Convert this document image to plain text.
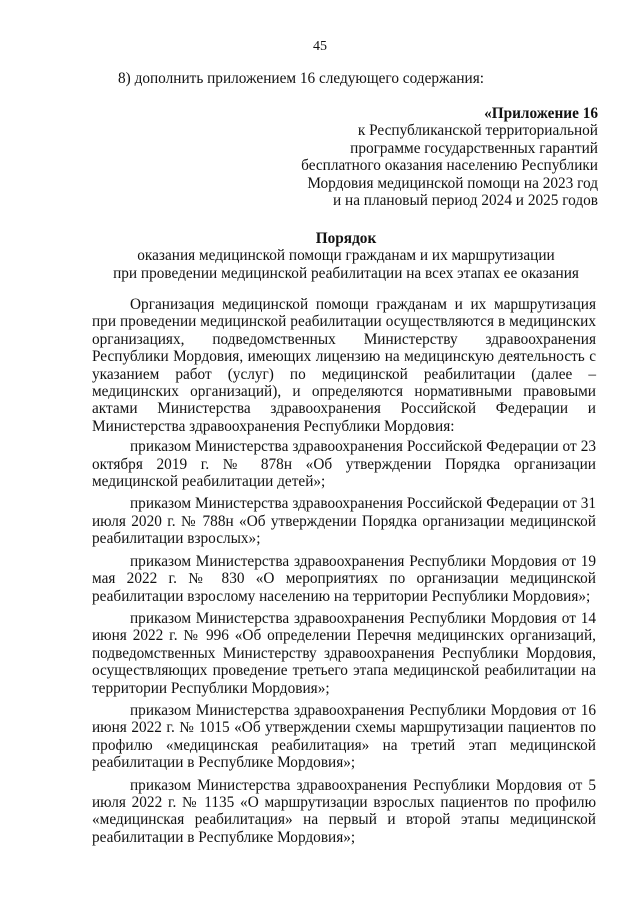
45
8) дополнить приложением 16 следующего содержания:
«Приложение 16
к Республиканской территориальной
программе государственных гарантий
бесплатного оказания населению Республики
Мордовия медицинской помощи на 2023 год
и на плановый период 2024 и 2025 годов
Порядок
оказания медицинской помощи гражданам и их маршрутизации
при проведении медицинской реабилитации на всех этапах ее оказания

Организация медицинской помощи гражданам и их маршрутизация при проведении медицинской реабилитации осуществляются в медицинских организациях, подведомственных Министерству здравоохранения Республики Мордовия, имеющих лицензию на медицинскую деятельность с указанием работ (услуг) по медицинской реабилитации (далее – медицинских организаций), и определяются нормативными правовыми актами Министерства здравоохранения Российской Федерации и Министерства здравоохранения Республики Мордовия:

приказом Министерства здравоохранения Российской Федерации от 23 октября 2019 г. № 878н «Об утверждении Порядка организации медицинской реабилитации детей»;

приказом Министерства здравоохранения Российской Федерации от 31 июля 2020 г. № 788н «Об утверждении Порядка организации медицинской реабилитации взрослых»;

приказом Министерства здравоохранения Республики Мордовия от 19 мая 2022 г. № 830 «О мероприятиях по организации медицинской реабилитации взрослому населению на территории Республики Мордовия»;

приказом Министерства здравоохранения Республики Мордовия от 14 июня 2022 г. № 996 «Об определении Перечня медицинских организаций, подведомственных Министерству здравоохранения Республики Мордовия, осуществляющих проведение третьего этапа медицинской реабилитации на территории Республики Мордовия»;

приказом Министерства здравоохранения Республики Мордовия от 16 июня 2022 г. № 1015 «Об утверждении схемы маршрутизации пациентов по профилю «медицинская реабилитация» на третий этап медицинской реабилитации в Республике Мордовия»;

приказом Министерства здравоохранения Республики Мордовия от 5 июля 2022 г. № 1135 «О маршрутизации взрослых пациентов по профилю «медицинская реабилитация» на первый и второй этапы медицинской реабилитации в Республике Мордовия»;
